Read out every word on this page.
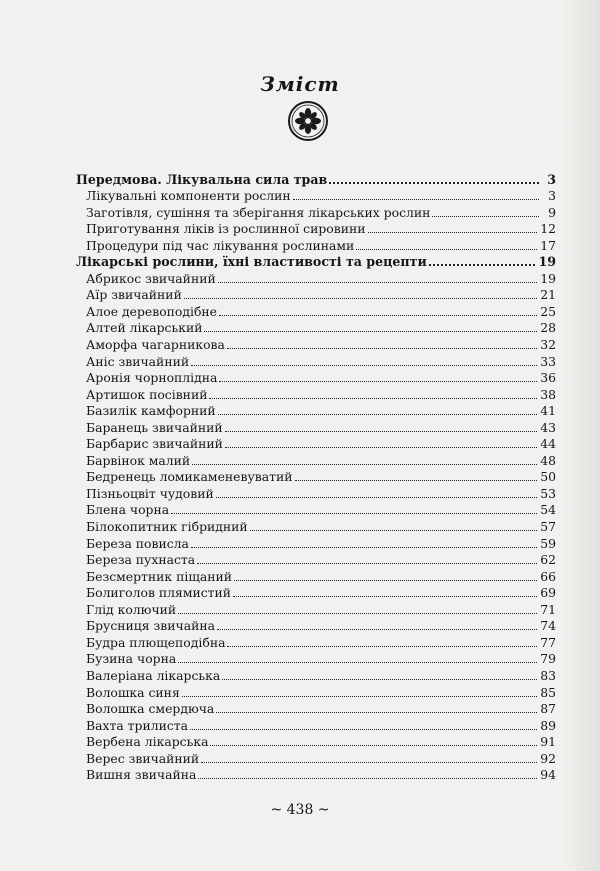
Зміст
Передмова. Лікувальна сила трав	3
Лікувальні компоненти рослин	3
Заготівля, сушіння та зберігання лікарських рослин	9
Приготування ліків із рослинної сировини	12
Процедури під час лікування рослинами	17
Лікарські рослини, їхні властивості та рецепти	19
Абрикос звичайний	19
Аїр звичайний	21
Алое деревоподібне	25
Алтей лікарський	28
Аморфа чагарникова	32
Аніс звичайний	33
Аронія чорноплідна	36
Артишок посівний	38
Базилік камфорний	41
Баранець звичайний	43
Барбарис звичайний	44
Барвінок малий	48
Бедренець ломикаменевуватий	50
Пізньоцвіт чудовий	53
Блена чорна	54
Білокопитник гібридний	57
Береза повисла	59
Береза пухнаста	62
Безсмертник піщаний	66
Болиголов плямистий	69
Глід колючий	71
Брусниця звичайна	74
Будра плющеподібна	77
Бузина чорна	79
Валеріана лікарська	83
Волошка синя	85
Волошка смердюча	87
Вахта трилиста	89
Вербена лікарська	91
Верес звичайний	92
Вишня звичайна	94
~ 438 ~
